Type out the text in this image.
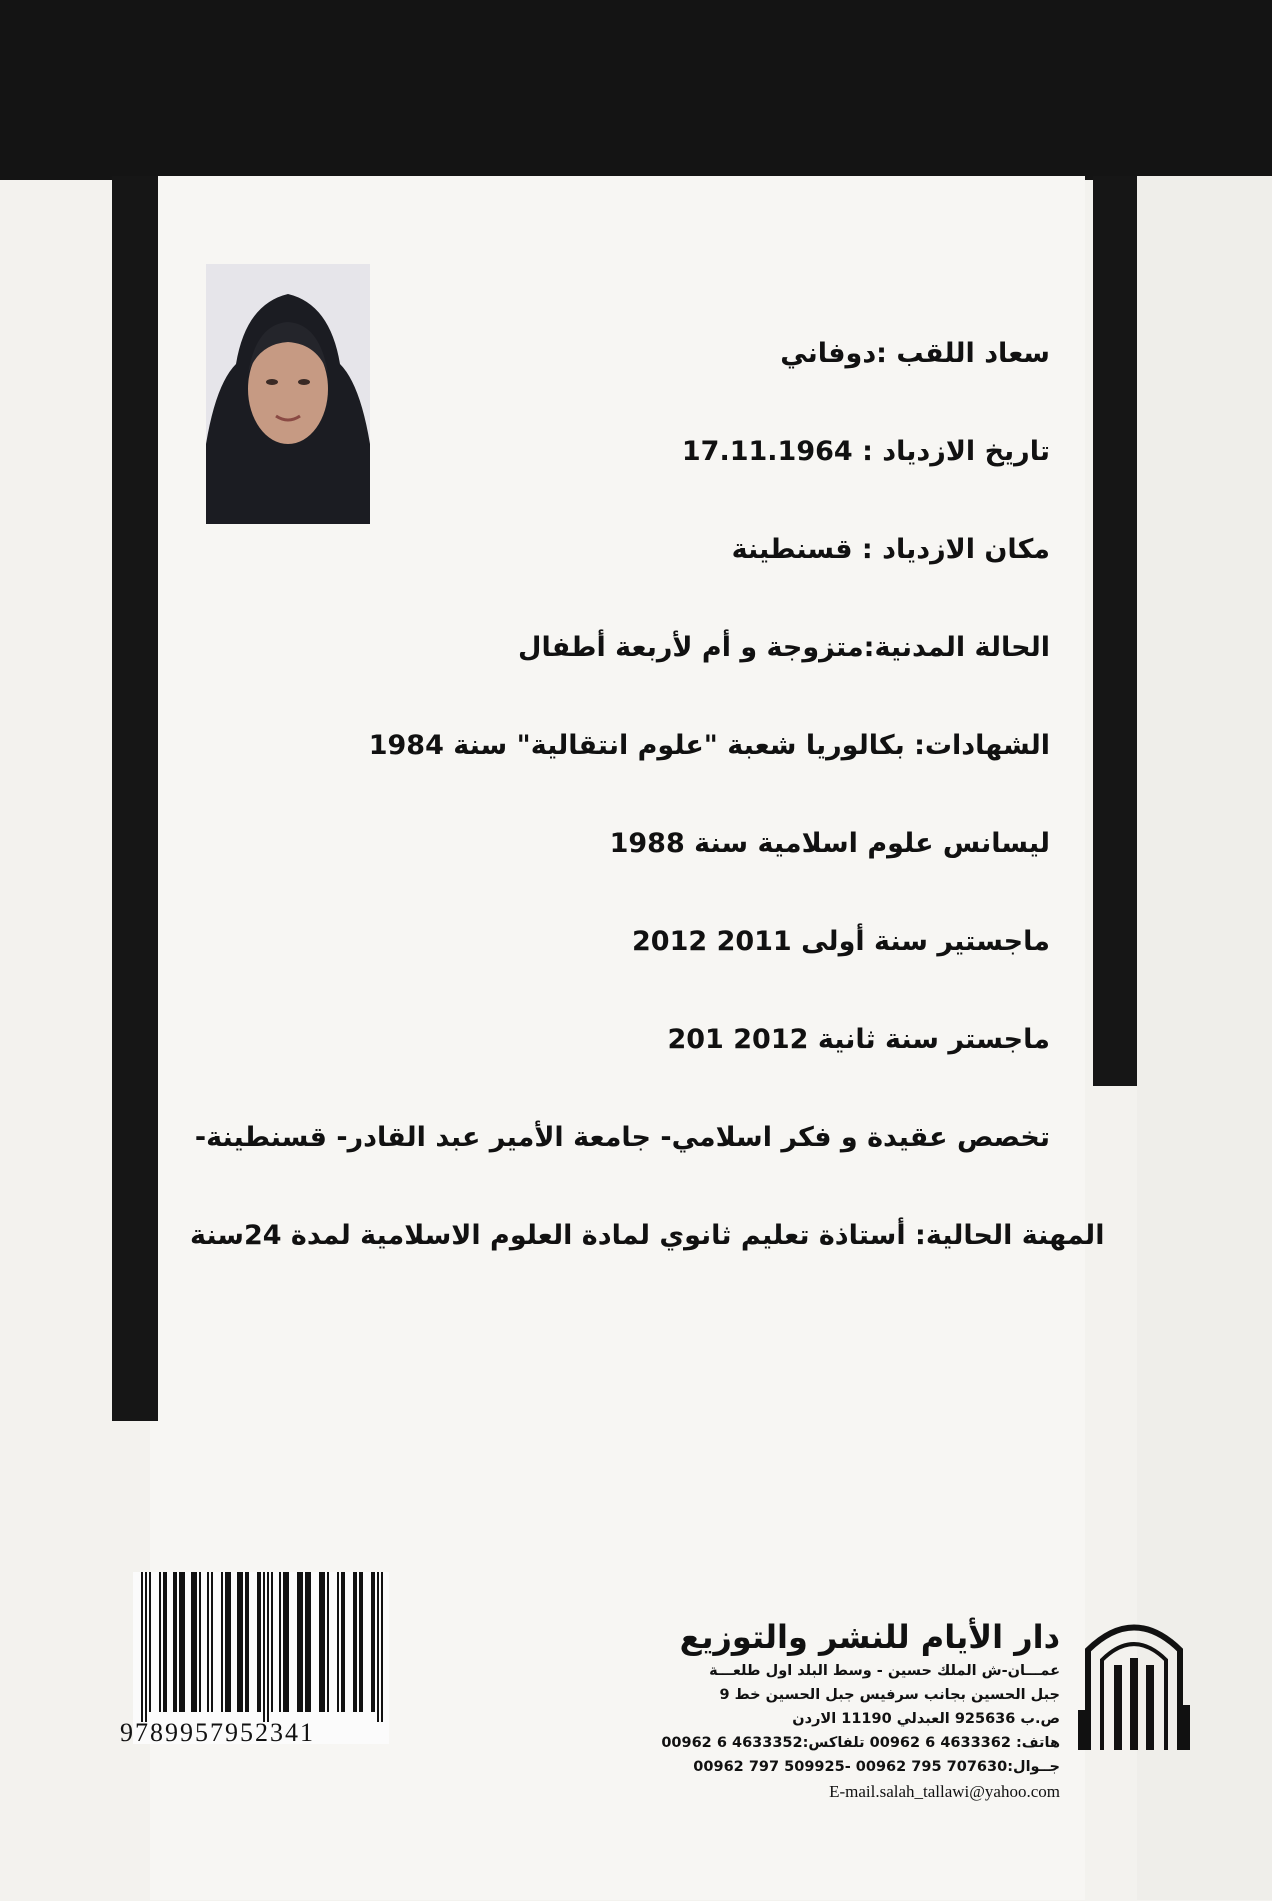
سعاد اللقب :دوفاني
تاريخ الازدياد : 17.11.1964
مكان الازدياد : قسنطينة
الحالة المدنية:متزوجة و أم لأربعة أطفال
الشهادات: بكالوريا شعبة "علوم انتقالية" سنة 1984
ليسانس علوم اسلامية سنة 1988
ماجستير سنة أولى 2011 2012
ماجستر سنة ثانية 2012 201
تخصص عقيدة و فكر اسلامي- جامعة الأمير عبد القادر- قسنطينة-
المهنة الحالية: أستاذة تعليم ثانوي لمادة العلوم الاسلامية لمدة 24سنة
9789957952341
دار الأيام للنشر والتوزيع
عمـــان-ش الملك حسين - وسط البلد اول طلعـــة
جبل الحسين بجانب سرفيس جبل الحسين خط 9
ص.ب 925636 العبدلي 11190 الاردن
هاتف: 4633362 6 00962 تلفاكس:4633352 6 00962
جــوال:707630 795 00962 -509925 797 00962
E-mail.salah_tallawi@yahoo.com
